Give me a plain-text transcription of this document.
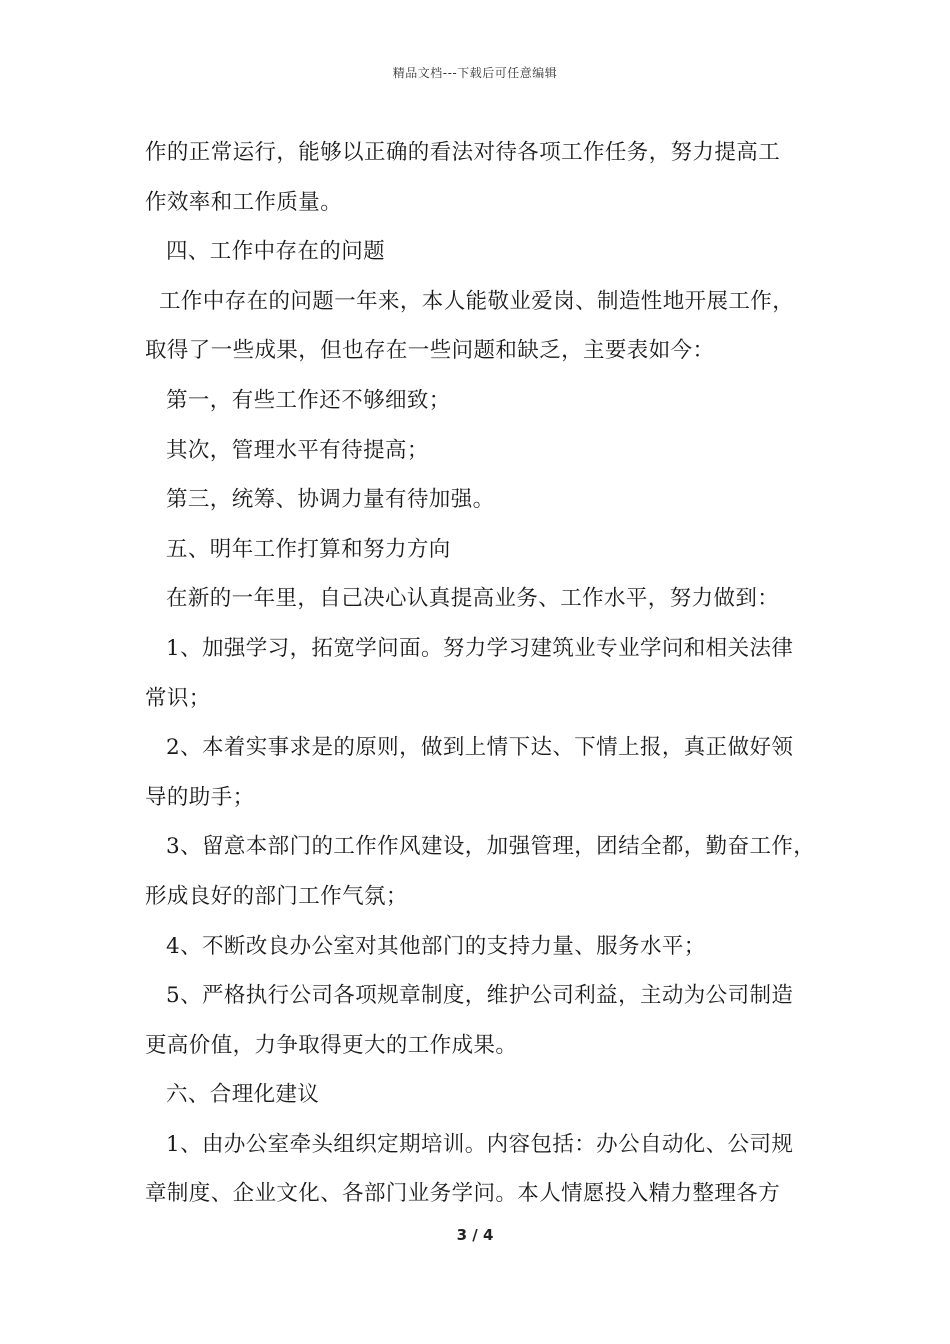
精品文档---下载后可任意编辑
作的正常运行，能够以正确的看法对待各项工作任务，努力提高工
作效率和工作质量。
四、工作中存在的问题
工作中存在的问题一年来，本人能敬业爱岗、制造性地开展工作，
取得了一些成果，但也存在一些问题和缺乏，主要表如今：
第一，有些工作还不够细致；
其次，管理水平有待提高；
第三，统筹、协调力量有待加强。
五、明年工作打算和努力方向
在新的一年里，自己决心认真提高业务、工作水平，努力做到：
1、加强学习，拓宽学问面。努力学习建筑业专业学问和相关法律
常识；
2、本着实事求是的原则，做到上情下达、下情上报，真正做好领
导的助手；
3、留意本部门的工作作风建设，加强管理，团结全都，勤奋工作，
形成良好的部门工作气氛；
4、不断改良办公室对其他部门的支持力量、服务水平；
5、严格执行公司各项规章制度，维护公司利益，主动为公司制造
更高价值，力争取得更大的工作成果。
六、合理化建议
1、由办公室牵头组织定期培训。内容包括：办公自动化、公司规
章制度、企业文化、各部门业务学问。本人情愿投入精力整理各方
3 / 4
